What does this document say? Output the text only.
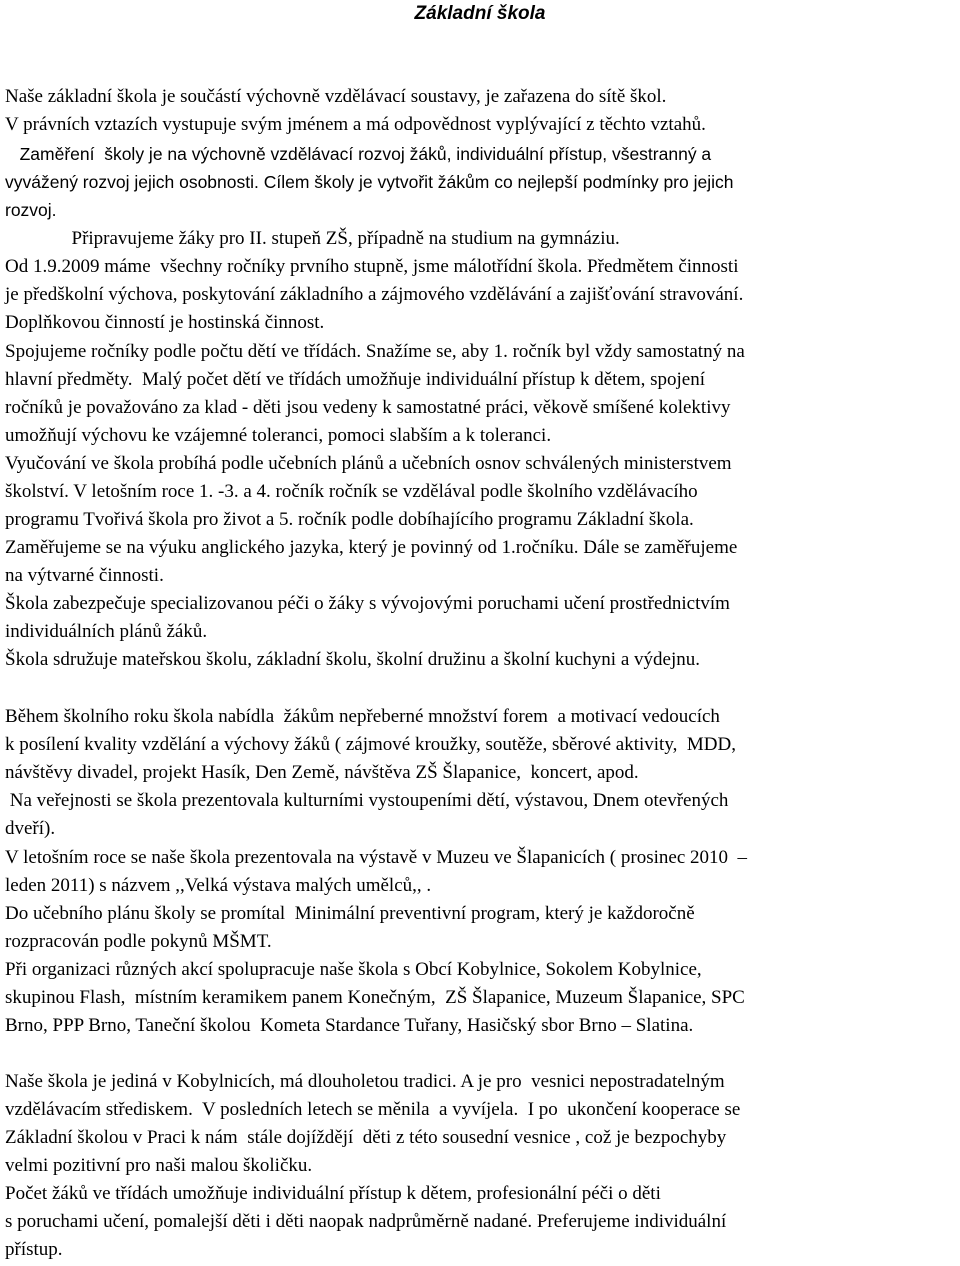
Základní škola
Naše základní škola je součástí výchovně vzdělávací soustavy, je zařazena do sítě škol.
V právních vztazích vystupuje svým jménem a má odpovědnost vyplývající z těchto vztahů.
Zaměření  školy je na výchovně vzdělávací rozvoj žáků, individuální přístup, všestranný a
vyvážený rozvoj jejich osobnosti. Cílem školy je vytvořit žákům co nejlepší podmínky pro jejich
rozvoj.
Připravujeme žáky pro II. stupeň ZŠ, případně na studium na gymnáziu.
Od 1.9.2009 máme  všechny ročníky prvního stupně, jsme málotřídní škola. Předmětem činnosti
je předškolní výchova, poskytování základního a zájmového vzdělávání a zajišťování stravování.
Doplňkovou činností je hostinská činnost.
Spojujeme ročníky podle počtu dětí ve třídách. Snažíme se, aby 1. ročník byl vždy samostatný na
hlavní předměty.  Malý počet dětí ve třídách umožňuje individuální přístup k dětem, spojení
ročníků je považováno za klad - děti jsou vedeny k samostatné práci, věkově smíšené kolektivy
umožňují výchovu ke vzájemné toleranci, pomoci slabším a k toleranci.
Vyučování ve škola probíhá podle učebních plánů a učebních osnov schválených ministerstvem
školství. V letošním roce 1. -3. a 4. ročník ročník se vzdělával podle školního vzdělávacího
programu Tvořivá škola pro život a 5. ročník podle dobíhajícího programu Základní škola.
Zaměřujeme se na výuku anglického jazyka, který je povinný od 1.ročníku. Dále se zaměřujeme
na výtvarné činnosti.
Škola zabezpečuje specializovanou péči o žáky s vývojovými poruchami učení prostřednictvím
individuálních plánů žáků.
Škola sdružuje mateřskou školu, základní školu, školní družinu a školní kuchyni a výdejnu.
Během školního roku škola nabídla  žákům nepřeberné množství forem  a motivací vedoucích
k posílení kvality vzdělání a výchovy žáků ( zájmové kroužky, soutěže, sběrové aktivity,  MDD,
návštěvy divadel, projekt Hasík, Den Země, návštěva ZŠ Šlapanice,  koncert, apod.
Na veřejnosti se škola prezentovala kulturními vystoupeními dětí, výstavou, Dnem otevřených
dveří).
V letošním roce se naše škola prezentovala na výstavě v Muzeu ve Šlapanicích ( prosinec 2010  –
leden 2011) s názvem ,,Velká výstava malých umělců,, .
Do učebního plánu školy se promítal  Minimální preventivní program, který je každoročně
rozpracován podle pokynů MŠMT.
Při organizaci různých akcí spolupracuje naše škola s Obcí Kobylnice, Sokolem Kobylnice,
skupinou Flash,  místním keramikem panem Konečným,  ZŠ Šlapanice, Muzeum Šlapanice, SPC
Brno, PPP Brno, Taneční školou  Kometa Stardance Tuřany, Hasičský sbor Brno – Slatina.
Naše škola je jediná v Kobylnicích, má dlouholetou tradici. A je pro  vesnici nepostradatelným
vzdělávacím střediskem.  V posledních letech se měnila  a vyvíjela.  I po  ukončení kooperace se
Základní školou v Praci k nám  stále dojíždějí  děti z této sousední vesnice , což je bezpochyby
velmi pozitivní pro naši malou školičku.
Počet žáků ve třídách umožňuje individuální přístup k dětem, profesionální péči o děti
s poruchami učení, pomalejší děti i děti naopak nadprůměrně nadané. Preferujeme individuální
přístup.
